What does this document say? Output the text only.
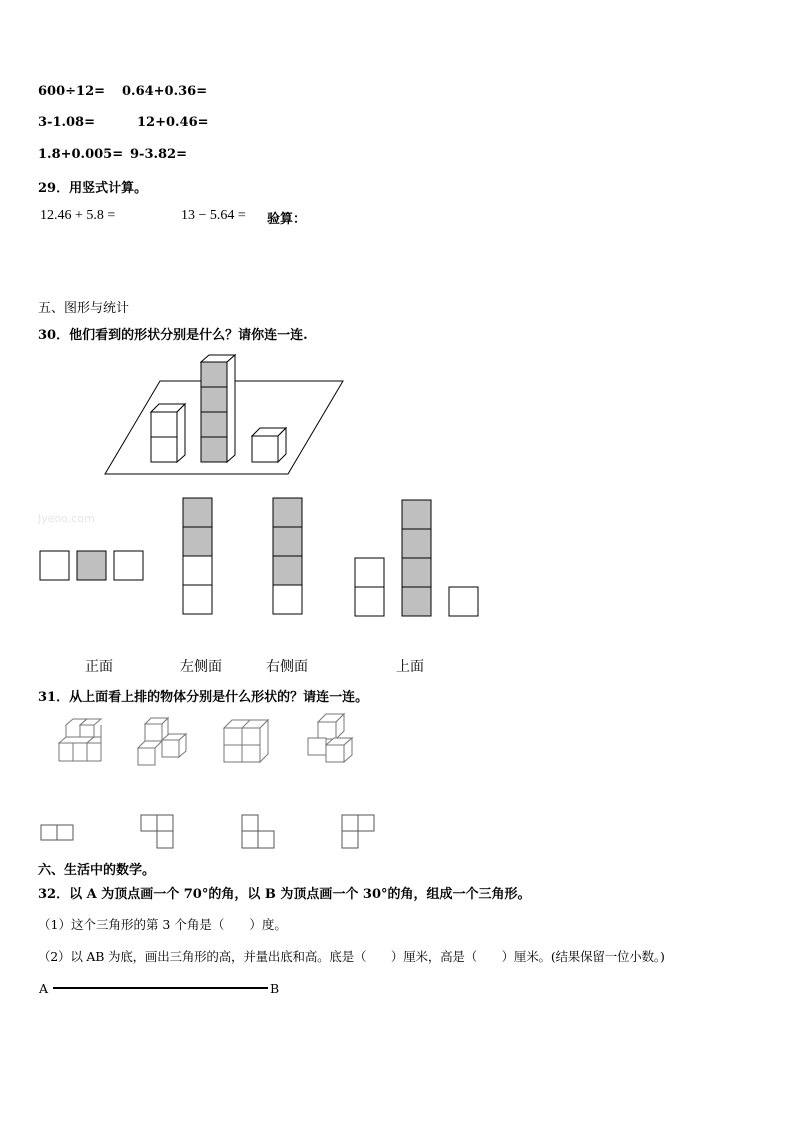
600÷12= 0.64+0.36=
3-1.08=	12+0.46=
1.8+0.005= 9-3.82=
29．用竖式计算。
12.46 + 5.8 =	13 − 5.64 = 验算：
五、图形与统计
30．他们看到的形状分别是什么？请你连一连.
Jyeoo.com
正面	左侧面	右侧面	上面
31．从上面看上排的物体分别是什么形状的？请连一连。
六、生活中的数学。
32．以 A 为顶点画一个 70°的角，以 B 为顶点画一个 30°的角，组成一个三角形。
（1）这个三角形的第 3 个角是（　　）度。
（2）以 AB 为底，画出三角形的高，并量出底和高。底是（　　）厘米，高是（　　）厘米。(结果保留一位小数。)
A	B
